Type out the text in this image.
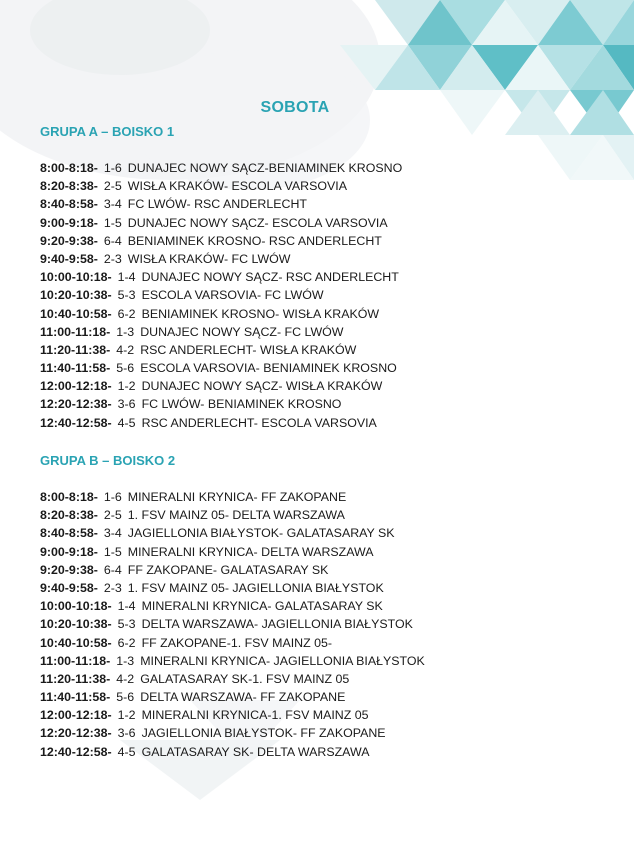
SOBOTA
GRUPA A – BOISKO 1
8:00-8:18- 1-6 DUNAJEC NOWY SĄCZ-BENIAMINEK KROSNO
8:20-8:38- 2-5 WISŁA KRAKÓW- ESCOLA VARSOVIA
8:40-8:58- 3-4 FC LWÓW- RSC ANDERLECHT
9:00-9:18- 1-5 DUNAJEC NOWY SĄCZ- ESCOLA VARSOVIA
9:20-9:38- 6-4 BENIAMINEK KROSNO- RSC ANDERLECHT
9:40-9:58- 2-3 WISŁA KRAKÓW- FC LWÓW
10:00-10:18- 1-4 DUNAJEC NOWY SĄCZ- RSC ANDERLECHT
10:20-10:38- 5-3 ESCOLA VARSOVIA- FC LWÓW
10:40-10:58- 6-2 BENIAMINEK KROSNO- WISŁA KRAKÓW
11:00-11:18- 1-3 DUNAJEC NOWY SĄCZ- FC LWÓW
11:20-11:38- 4-2 RSC ANDERLECHT- WISŁA KRAKÓW
11:40-11:58- 5-6 ESCOLA VARSOVIA- BENIAMINEK KROSNO
12:00-12:18- 1-2 DUNAJEC NOWY SĄCZ- WISŁA KRAKÓW
12:20-12:38- 3-6 FC LWÓW- BENIAMINEK KROSNO
12:40-12:58- 4-5 RSC ANDERLECHT- ESCOLA VARSOVIA
GRUPA B – BOISKO 2
8:00-8:18- 1-6 MINERALNI KRYNICA- FF ZAKOPANE
8:20-8:38- 2-5 1. FSV MAINZ 05- DELTA WARSZAWA
8:40-8:58- 3-4 JAGIELLONIA BIAŁYSTOK- GALATASARAY SK
9:00-9:18- 1-5 MINERALNI KRYNICA- DELTA WARSZAWA
9:20-9:38- 6-4 FF ZAKOPANE- GALATASARAY SK
9:40-9:58- 2-3 1. FSV MAINZ 05- JAGIELLONIA BIAŁYSTOK
10:00-10:18- 1-4 MINERALNI KRYNICA- GALATASARAY SK
10:20-10:38- 5-3 DELTA WARSZAWA- JAGIELLONIA BIAŁYSTOK
10:40-10:58- 6-2 FF ZAKOPANE-1. FSV MAINZ 05-
11:00-11:18- 1-3 MINERALNI KRYNICA- JAGIELLONIA BIAŁYSTOK
11:20-11:38- 4-2 GALATASARAY SK-1. FSV MAINZ 05
11:40-11:58- 5-6 DELTA WARSZAWA- FF ZAKOPANE
12:00-12:18- 1-2 MINERALNI KRYNICA-1. FSV MAINZ 05
12:20-12:38- 3-6 JAGIELLONIA BIAŁYSTOK- FF ZAKOPANE
12:40-12:58- 4-5 GALATASARAY SK- DELTA WARSZAWA
